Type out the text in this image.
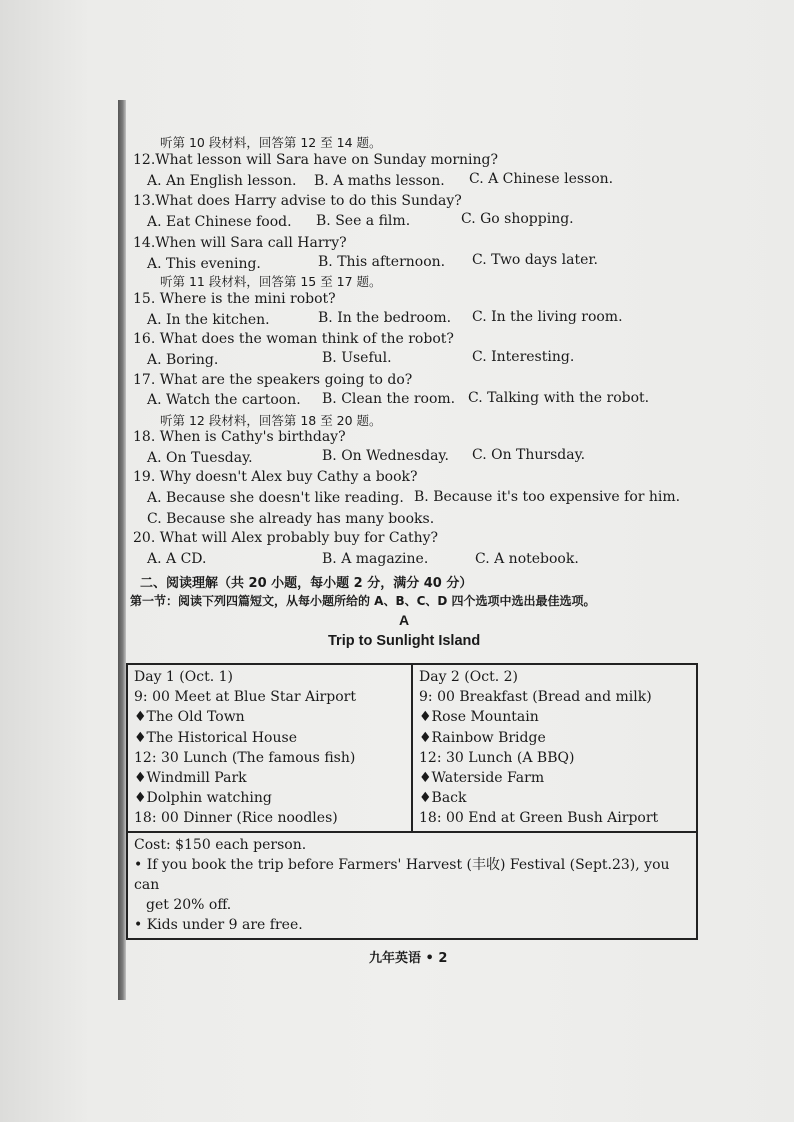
听第 10 段材料，回答第 12 至 14 题。
12.What lesson will Sara have on Sunday morning?
A. An English lesson. B. A maths lesson. C. A Chinese lesson.
13.What does Harry advise to do this Sunday?
A. Eat Chinese food. B. See a film.	C. Go shopping.
14.When will Sara call Harry?
A. This evening.	B. This afternoon. C. Two days later.
听第 11 段材料，回答第 15 至 17 题。
15. Where is the mini robot?
A. In the kitchen.	B. In the bedroom. C. In the living room.
16. What does the woman think of the robot?
A. Boring.	B. Useful.	C. Interesting.
17. What are the speakers going to do?
A. Watch the cartoon. B. Clean the room. C. Talking with the robot.
听第 12 段材料，回答第 18 至 20 题。
18. When is Cathy's birthday?
A. On Tuesday.	B. On Wednesday. C. On Thursday.
19. Why doesn't Alex buy Cathy a book?
A. Because she doesn't like reading. B. Because it's too expensive for him.
C. Because she already has many books.
20. What will Alex probably buy for Cathy?
A. A CD.	B. A magazine.	C. A notebook.
二、阅读理解（共 20 小题，每小题 2 分，满分 40 分）
第一节：阅读下列四篇短文，从每小题所给的 A、B、C、D 四个选项中选出最佳选项。
A
Trip to Sunlight Island
Day 1 (Oct. 1)
9: 00 Meet at Blue Star Airport
♦The Old Town
♦The Historical House
12: 30 Lunch (The famous fish)
♦Windmill Park
♦Dolphin watching
18: 00 Dinner (Rice noodles)

Day 2 (Oct. 2)
9: 00 Breakfast (Bread and milk)
♦Rose Mountain
♦Rainbow Bridge
12: 30 Lunch (A BBQ)
♦Waterside Farm
♦Back
18: 00 End at Green Bush Airport

Cost: $150 each person.
• If you book the trip before Farmers' Harvest (丰收) Festival (Sept.23), you can
get 20% off.
• Kids under 9 are free.
九年英语 • 2
